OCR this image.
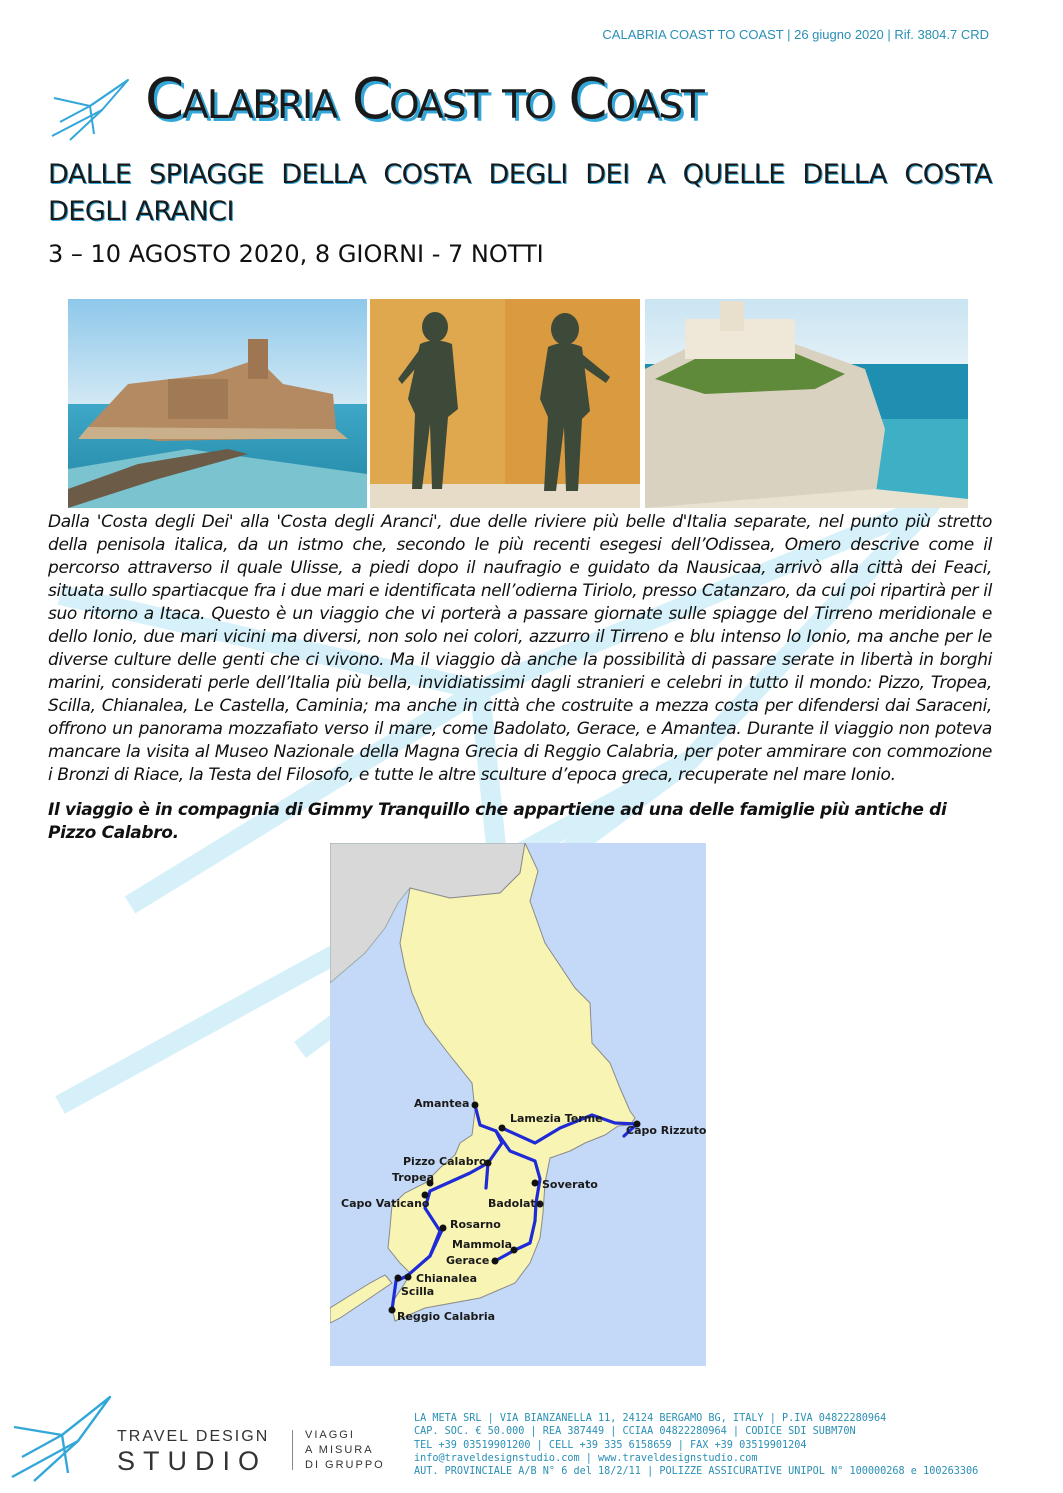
CALABRIA COAST TO COAST | 26 giugno 2020 | Rif. 3804.7 CRD
Calabria Coast to Coast
DALLE SPIAGGE DELLA COSTA DEGLI DEI A QUELLE DELLA COSTA DEGLI ARANCI
3 – 10 AGOSTO 2020, 8 GIORNI - 7 NOTTI

Dalla 'Costa degli Dei' alla 'Costa degli Aranci', due delle riviere più belle d'Italia separate, nel punto più stretto della penisola italica, da un istmo che, secondo le più recenti esegesi dell’Odissea, Omero descrive come il percorso attraverso il quale Ulisse, a piedi dopo il naufragio e guidato da Nausicaa, arrivò alla città dei Feaci, situata sullo spartiacque fra i due mari e identificata nell’odierna Tiriolo, presso Catanzaro, da cui poi ripartirà per il suo ritorno a Itaca. Questo è un viaggio che vi porterà a passare giornate sulle spiagge del Tirreno meridionale e dello Ionio, due mari vicini ma diversi, non solo nei colori, azzurro il Tirreno e blu intenso lo Ionio, ma anche per le diverse culture delle genti che ci vivono. Ma il viaggio dà anche la possibilità di passare serate in libertà in borghi marini, considerati perle dell’Italia più bella, invidiatissimi dagli stranieri e celebri in tutto il mondo: Pizzo, Tropea, Scilla, Chianalea, Le Castella, Caminia; ma anche in città che costruite a mezza costa per difendersi dai Saraceni, offrono un panorama mozzafiato verso il mare, come Badolato, Gerace, e Amantea. Durante il viaggio non poteva mancare la visita al Museo Nazionale della Magna Grecia di Reggio Calabria, per poter ammirare con commozione i Bronzi di Riace, la Testa del Filosofo, e tutte le altre sculture d’epoca greca, recuperate nel mare Ionio.

Il viaggio è in compagnia di Gimmy Tranquillo che appartiene ad una delle famiglie più antiche di Pizzo Calabro.

Amantea
Lamezia Terme
Capo Rizzuto
Pizzo Calabro
Tropea
Soverato
Capo Vaticano	Badolato
Rosarno
Mammola
Gerace
Chianalea
Scilla
Reggio Calabria
TRAVEL DESIGN
STUDIO
VIAGGI
A MISURA
DI GRUPPO
LA META SRL | VIA BIANZANELLA 11, 24124 BERGAMO BG, ITALY | P.IVA 04822280964
CAP. SOC. € 50.000 | REA 387449 | CCIAA 04822280964 | CODICE SDI SUBM70N
TEL +39 03519901200 | CELL +39 335 6158659 | FAX +39 03519901204
info@traveldesignstudio.com | www.traveldesignstudio.com
AUT. PROVINCIALE A/B N° 6 del 18/2/11 | POLIZZE ASSICURATIVE UNIPOL N° 100000268 e 100263306
